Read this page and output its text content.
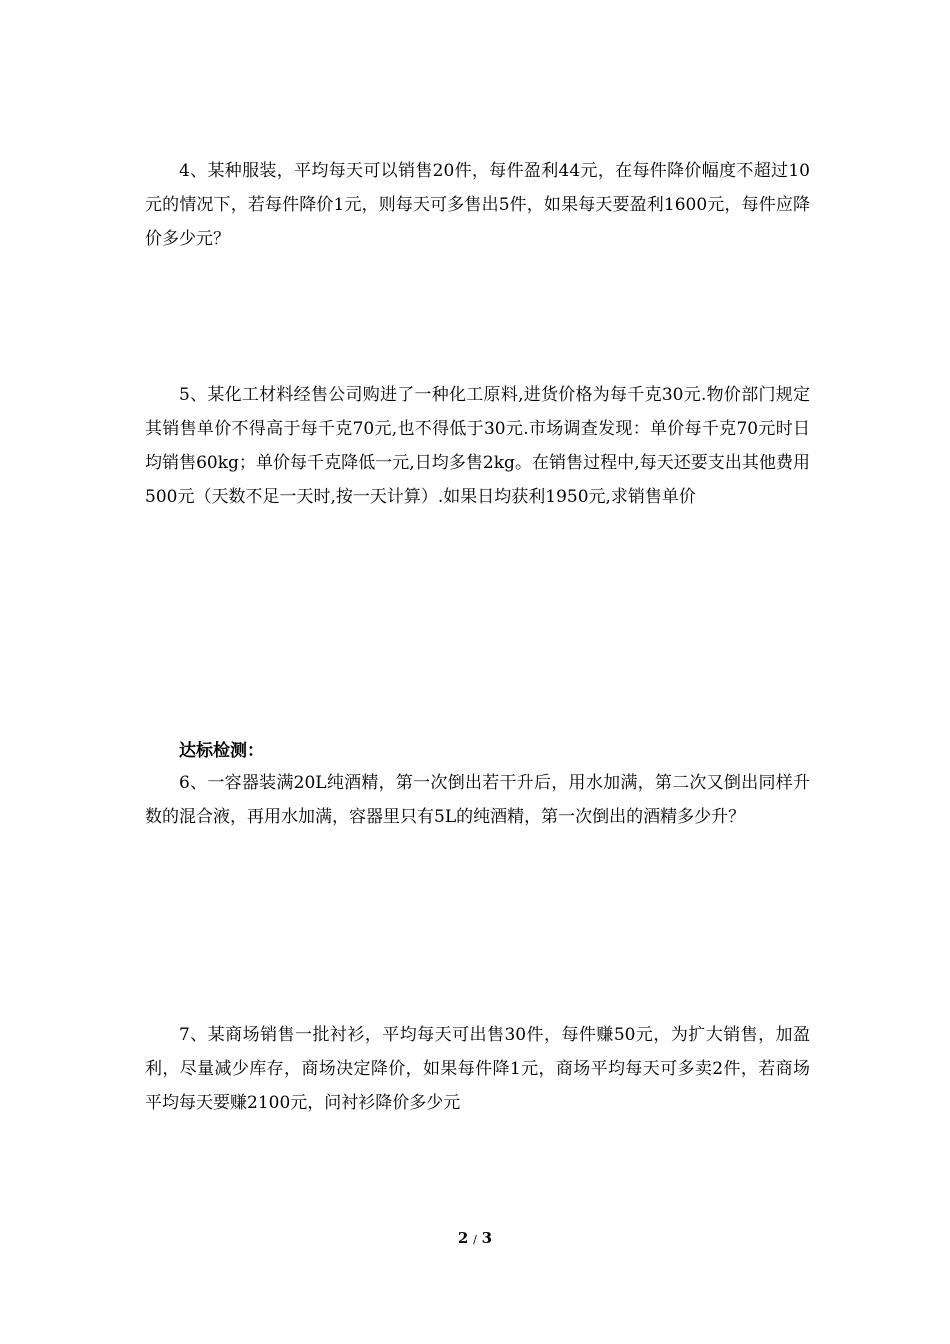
4、某种服装，平均每天可以销售20件，每件盈利44元，在每件降价幅度不超过10元的情况下，若每件降价1元，则每天可多售出5件，如果每天要盈利1600元，每件应降价多少元？

5、某化工材料经售公司购进了一种化工原料,进货价格为每千克30元.物价部门规定其销售单价不得高于每千克70元,也不得低于30元.市场调查发现：单价每千克70元时日均销售60kg；单价每千克降低一元,日均多售2kg。在销售过程中,每天还要支出其他费用500元（天数不足一天时,按一天计算）.如果日均获利1950元,求销售单价

达标检测：

6、一容器装满20L纯酒精，第一次倒出若干升后，用水加满，第二次又倒出同样升数的混合液，再用水加满，容器里只有5L的纯酒精，第一次倒出的酒精多少升？

7、某商场销售一批衬衫，平均每天可出售30件，每件赚50元，为扩大销售，加盈利，尽量减少库存，商场决定降价，如果每件降1元，商场平均每天可多卖2件，若商场平均每天要赚2100元，问衬衫降价多少元

2 / 3
